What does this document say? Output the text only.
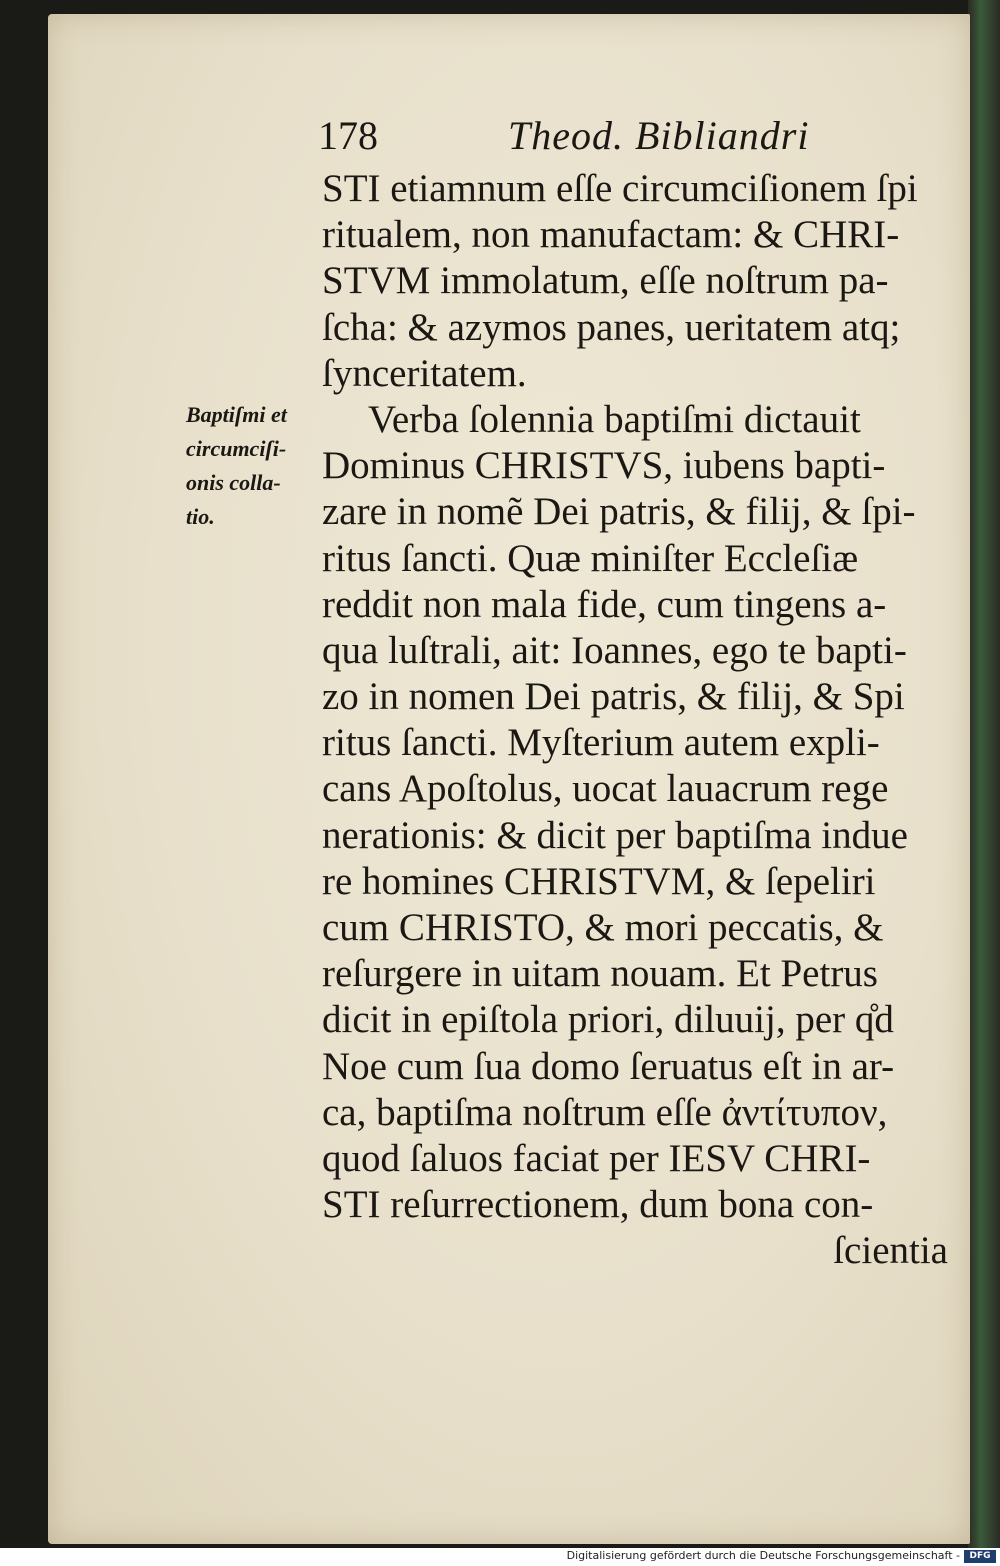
178	Theod. Bibliandri
Baptiſmi et
circumciſi-
onis colla-
tio.
STI etiamnum eſſe circumciſionem ſpi
ritualem, non manufactam: & CHRI-
STVM immolatum, eſſe noſtrum pa-
ſcha: & azymos panes, ueritatem atq;
ſynceritatem.
Verba ſolennia baptiſmi dictauit
Dominus CHRISTVS, iubens bapti-
zare in nomẽ Dei patris, & filij, & ſpi-
ritus ſancti. Quæ miniſter Eccleſiæ
reddit non mala fide, cum tingens a-
qua luſtrali, ait: Ioannes, ego te bapti-
zo in nomen Dei patris, & filij, & Spi
ritus ſancti. Myſterium autem expli-
cans Apoſtolus, uocat lauacrum rege
nerationis: & dicit per baptiſma indue
re homines CHRISTVM, & ſepeliri
cum CHRISTO, & mori peccatis, &
reſurgere in uitam nouam. Et Petrus
dicit in epiſtola priori, diluuij, per q̊d
Noe cum ſua domo ſeruatus eſt in ar-
ca, baptiſma noſtrum eſſe ἀντίτυπον,
quod ſaluos faciat per IESV CHRI-
STI reſurrectionem, dum bona con-
ſcientia
Digitalisierung gefördert durch die Deutsche Forschungsgemeinschaft -	DFG
